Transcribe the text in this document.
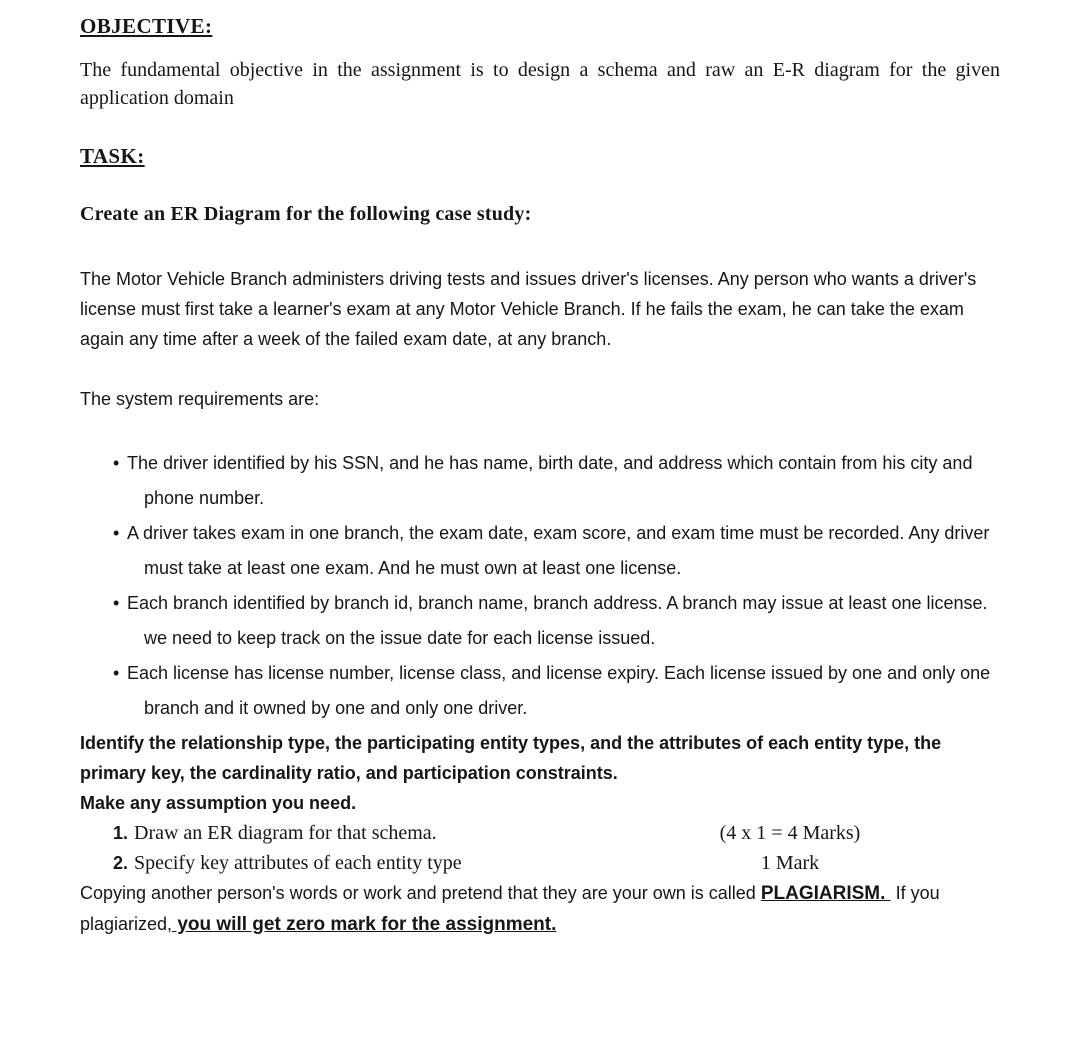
OBJECTIVE:

The fundamental objective in the assignment is to design a schema and raw an E-R diagram for the given application domain

TASK:
Create an ER Diagram for the following case study:

The Motor Vehicle Branch administers driving tests and issues driver's licenses. Any person who wants a driver's license must first take a learner's exam at any Motor Vehicle Branch. If he fails the exam, he can take the exam again any time after a week of the failed exam date, at any branch.

The system requirements are:

• The driver identified by his SSN, and he has name, birth date, and address which contain from his city and phone number.
• A driver takes exam in one branch, the exam date, exam score, and exam time must be recorded. Any driver must take at least one exam. And he must own at least one license.
• Each branch identified by branch id, branch name, branch address. A branch may issue at least one license. we need to keep track on the issue date for each license issued.
• Each license has license number, license class, and license expiry. Each license issued by one and only one branch and it owned by one and only one driver.

Identify the relationship type, the participating entity types, and the attributes of each entity type, the primary key, the cardinality ratio, and participation constraints.

Make any assumption you need.

1. Draw an ER diagram for that schema.	(4 x 1 = 4 Marks)
2. Specify key attributes of each entity type	1 Mark

Copying another person's words or work and pretend that they are your own is called PLAGIARISM.  If you plagiarized, you will get zero mark for the assignment.
